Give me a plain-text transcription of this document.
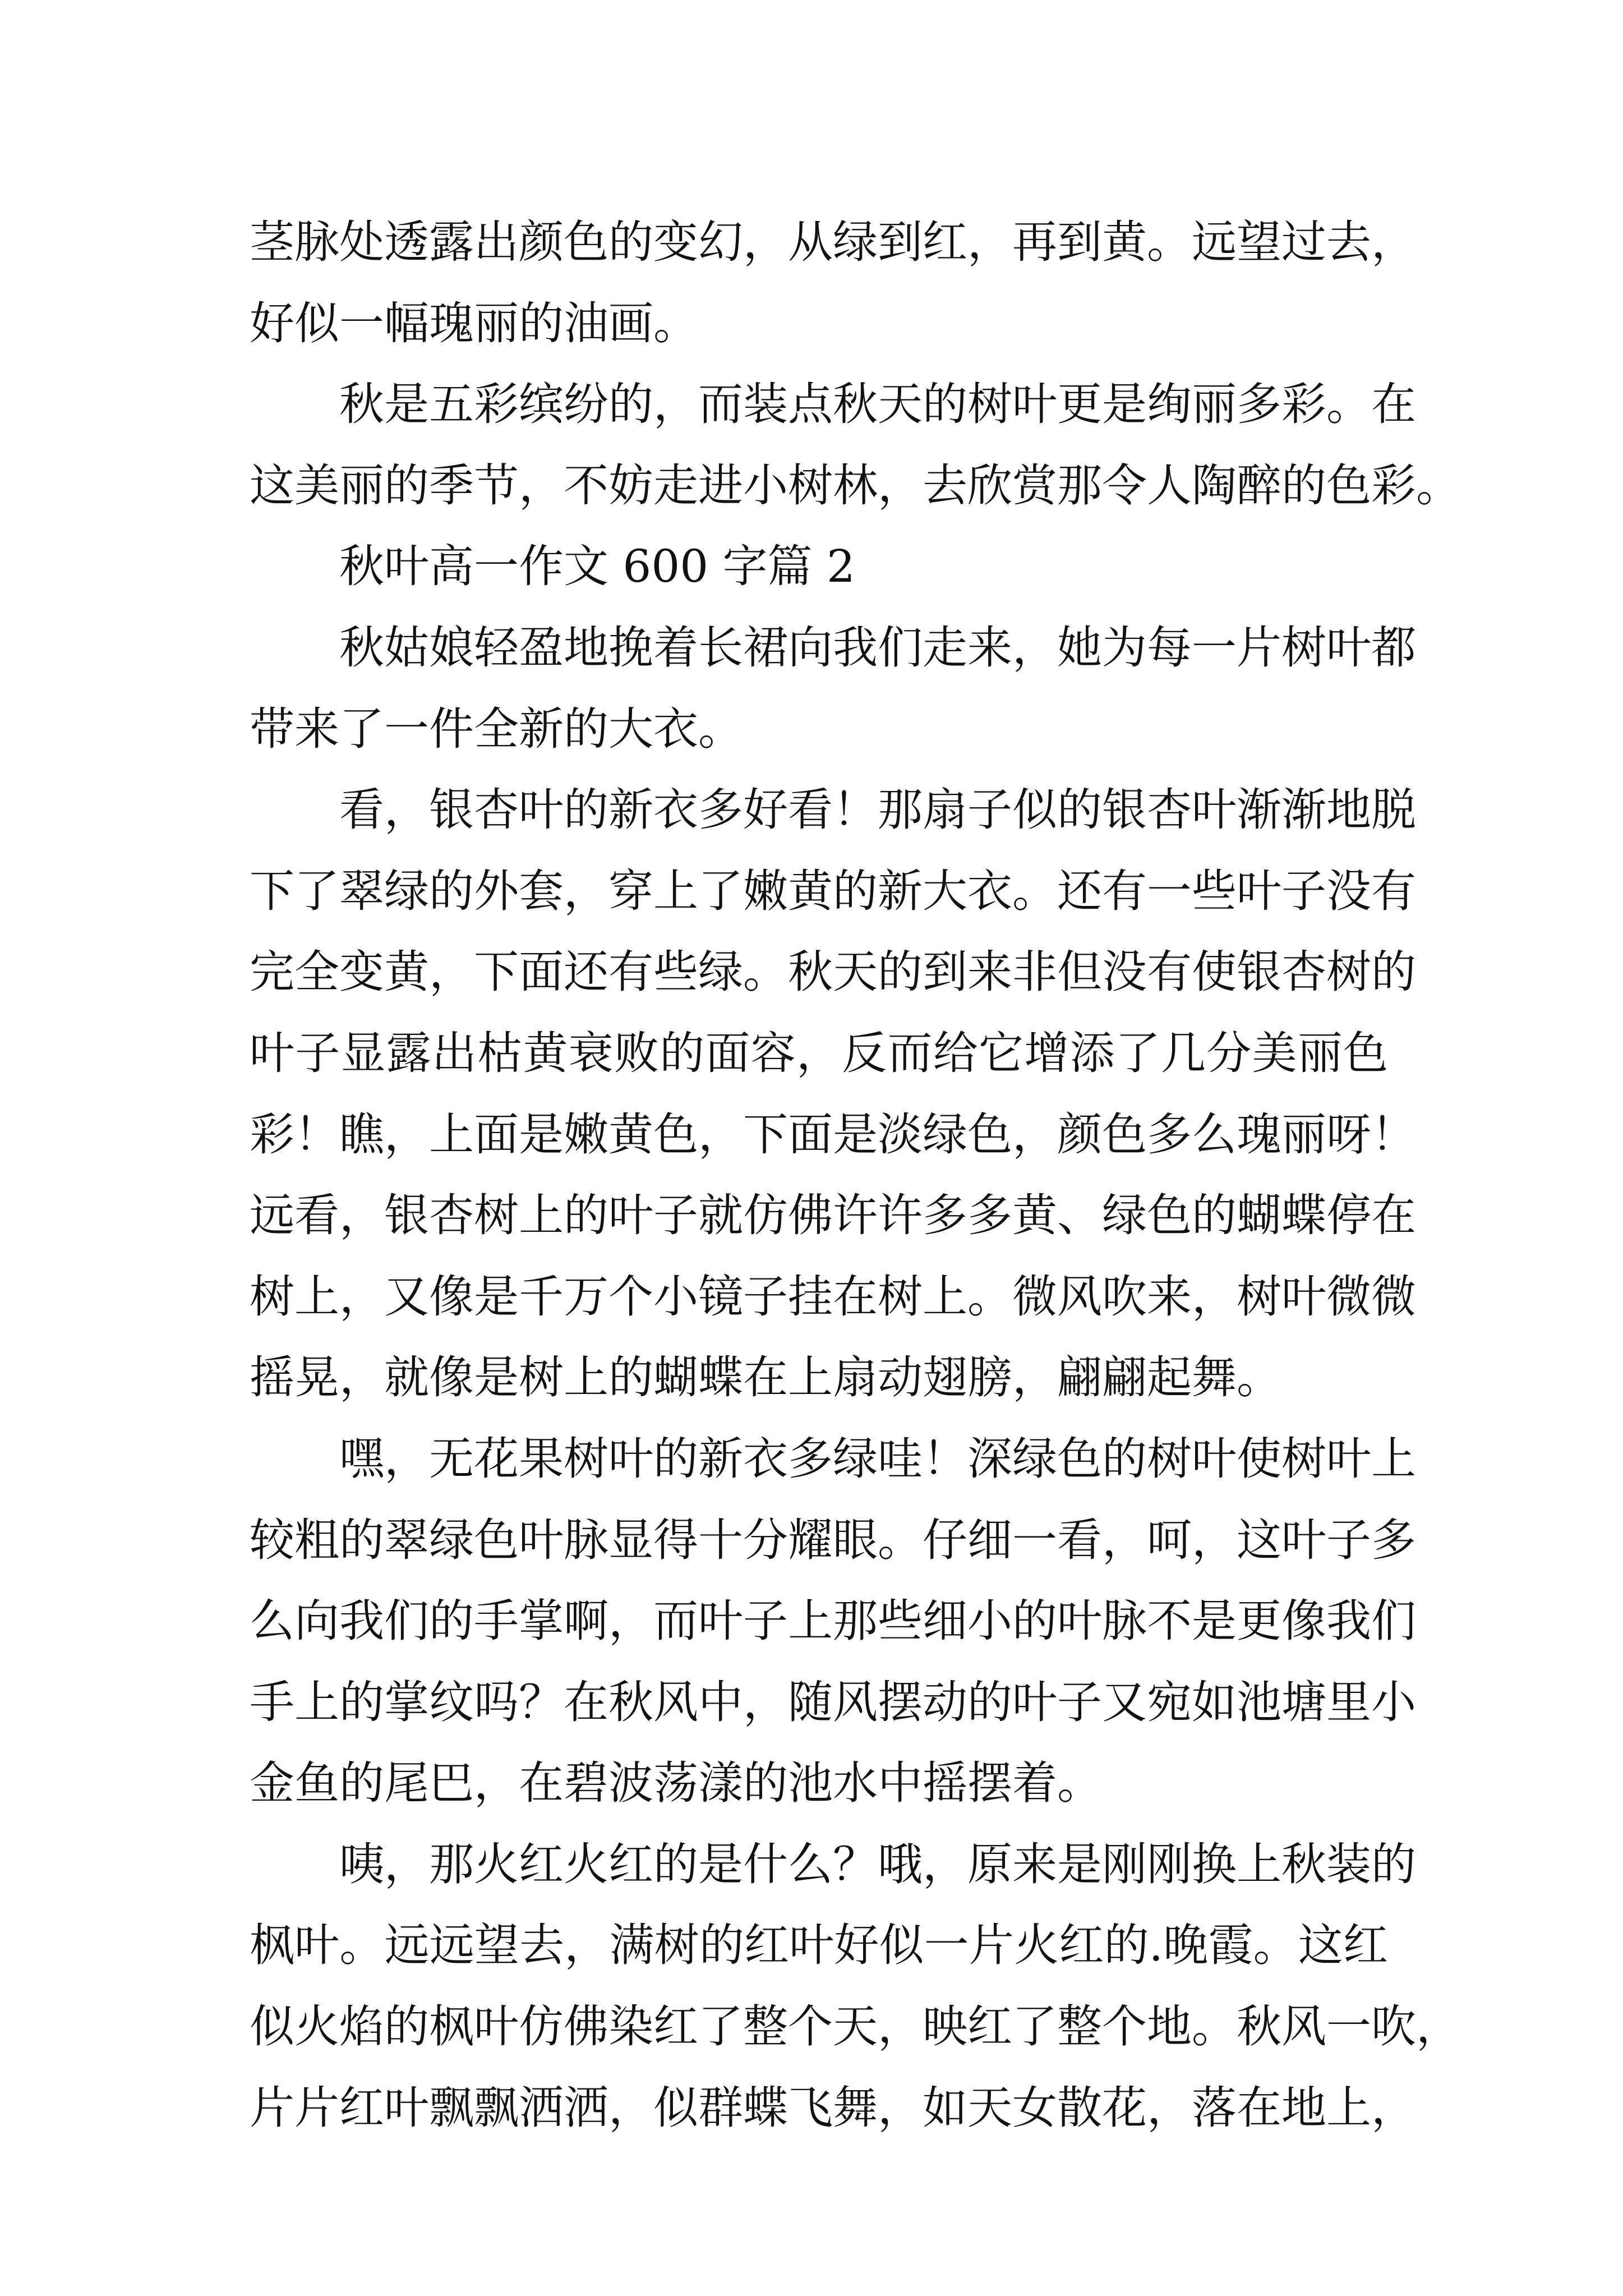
茎脉处透露出颜色的变幻，从绿到红，再到黄。远望过去，
好似一幅瑰丽的油画。
秋是五彩缤纷的，而装点秋天的树叶更是绚丽多彩。在
这美丽的季节，不妨走进小树林，去欣赏那令人陶醉的色彩。
秋叶高一作文 600 字篇 2
秋姑娘轻盈地挽着长裙向我们走来，她为每一片树叶都
带来了一件全新的大衣。
看，银杏叶的新衣多好看！那扇子似的银杏叶渐渐地脱
下了翠绿的外套，穿上了嫩黄的新大衣。还有一些叶子没有
完全变黄，下面还有些绿。秋天的到来非但没有使银杏树的
叶子显露出枯黄衰败的面容，反而给它增添了几分美丽色
彩！瞧，上面是嫩黄色，下面是淡绿色，颜色多么瑰丽呀！
远看，银杏树上的叶子就仿佛许许多多黄、绿色的蝴蝶停在
树上，又像是千万个小镜子挂在树上。微风吹来，树叶微微
摇晃，就像是树上的蝴蝶在上扇动翅膀，翩翩起舞。
嘿，无花果树叶的新衣多绿哇！深绿色的树叶使树叶上
较粗的翠绿色叶脉显得十分耀眼。仔细一看，呵，这叶子多
么向我们的手掌啊，而叶子上那些细小的叶脉不是更像我们
手上的掌纹吗？在秋风中，随风摆动的叶子又宛如池塘里小
金鱼的尾巴，在碧波荡漾的池水中摇摆着。
咦，那火红火红的是什么？哦，原来是刚刚换上秋装的
枫叶。远远望去，满树的红叶好似一片火红的.晚霞。这红
似火焰的枫叶仿佛染红了整个天，映红了整个地。秋风一吹，
片片红叶飘飘洒洒，似群蝶飞舞，如天女散花，落在地上，
